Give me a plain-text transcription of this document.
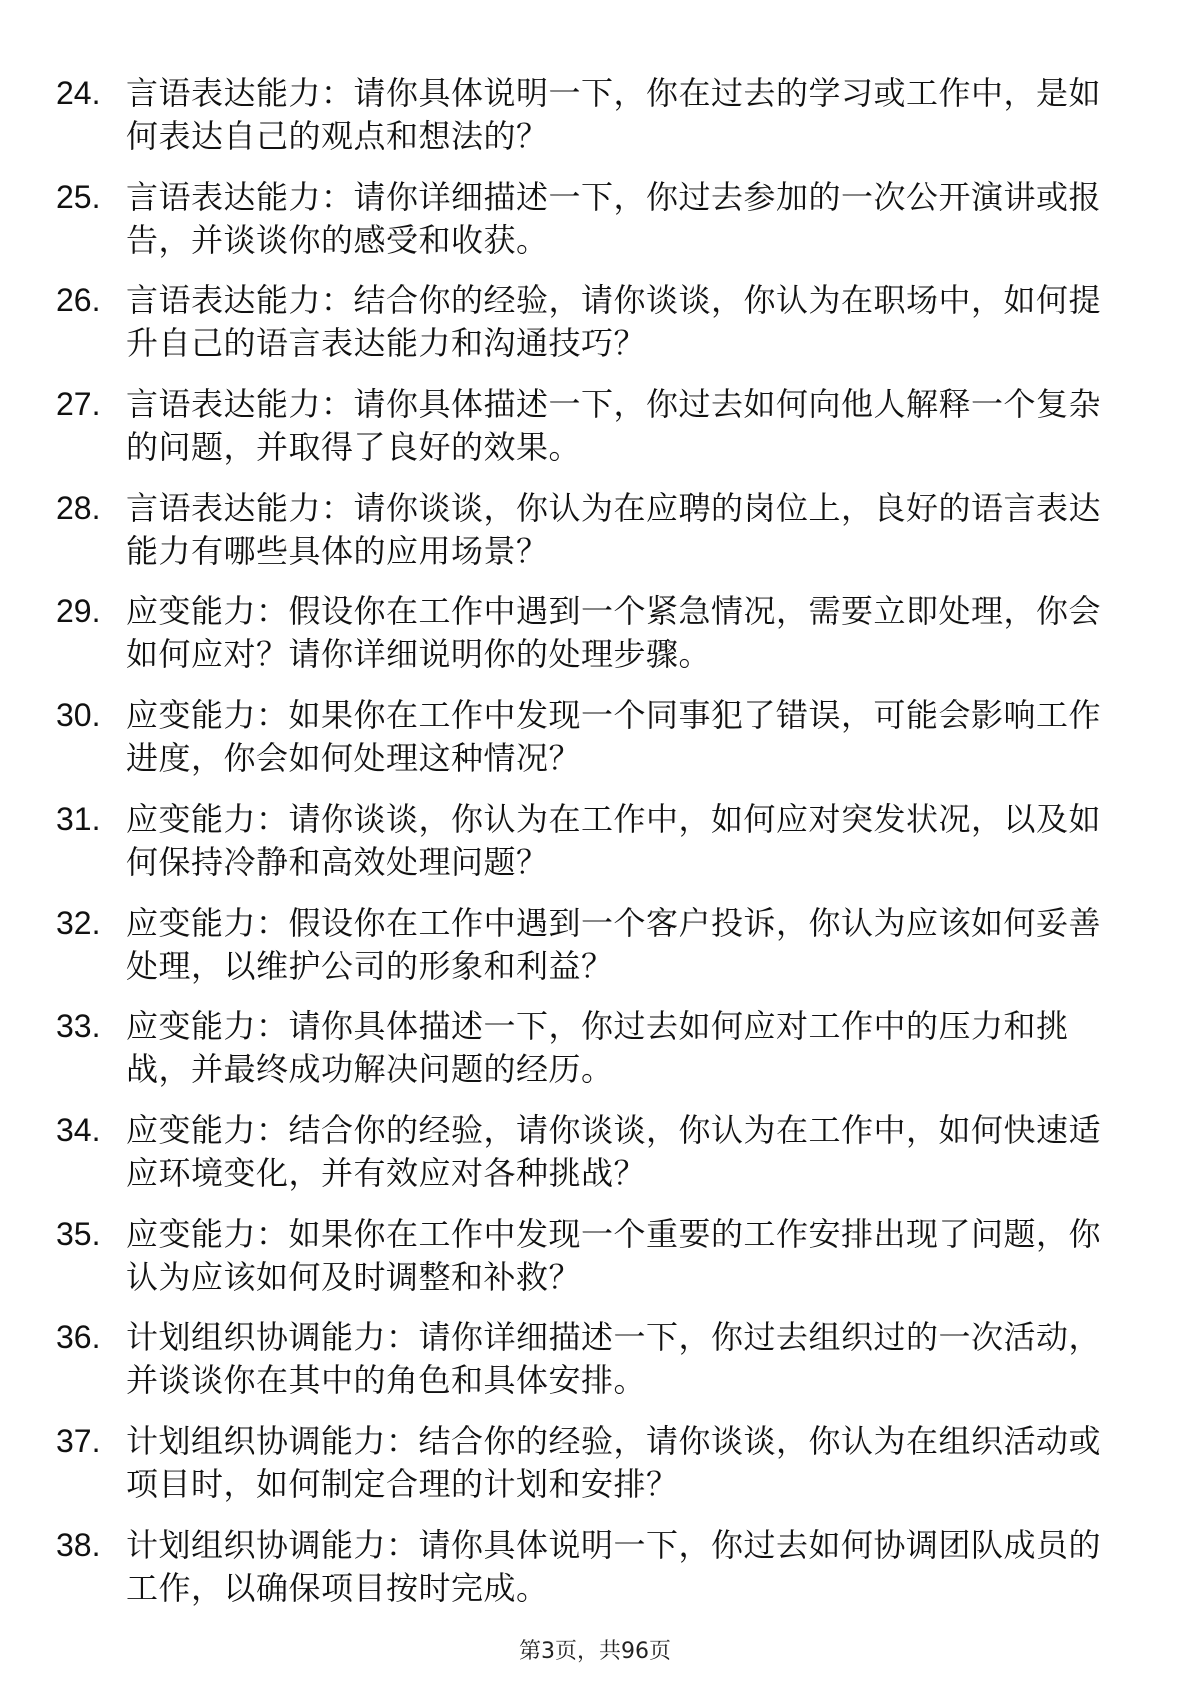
24. 言语表达能力：请你具体说明一下，你在过去的学习或工作中，是如何表达自己的观点和想法的？
25. 言语表达能力：请你详细描述一下，你过去参加的一次公开演讲或报告，并谈谈你的感受和收获。
26. 言语表达能力：结合你的经验，请你谈谈，你认为在职场中，如何提升自己的语言表达能力和沟通技巧？
27. 言语表达能力：请你具体描述一下，你过去如何向他人解释一个复杂的问题，并取得了良好的效果。
28. 言语表达能力：请你谈谈，你认为在应聘的岗位上，良好的语言表达能力有哪些具体的应用场景？
29. 应变能力：假设你在工作中遇到一个紧急情况，需要立即处理，你会如何应对？请你详细说明你的处理步骤。
30. 应变能力：如果你在工作中发现一个同事犯了错误，可能会影响工作进度，你会如何处理这种情况？
31. 应变能力：请你谈谈，你认为在工作中，如何应对突发状况，以及如何保持冷静和高效处理问题？
32. 应变能力：假设你在工作中遇到一个客户投诉，你认为应该如何妥善处理，以维护公司的形象和利益？
33. 应变能力：请你具体描述一下，你过去如何应对工作中的压力和挑战，并最终成功解决问题的经历。
34. 应变能力：结合你的经验，请你谈谈，你认为在工作中，如何快速适应环境变化，并有效应对各种挑战？
35. 应变能力：如果你在工作中发现一个重要的工作安排出现了问题，你认为应该如何及时调整和补救？
36. 计划组织协调能力：请你详细描述一下，你过去组织过的一次活动，并谈谈你在其中的角色和具体安排。
37. 计划组织协调能力：结合你的经验，请你谈谈，你认为在组织活动或项目时，如何制定合理的计划和安排？
38. 计划组织协调能力：请你具体说明一下，你过去如何协调团队成员的工作，以确保项目按时完成。
第3页，共96页
